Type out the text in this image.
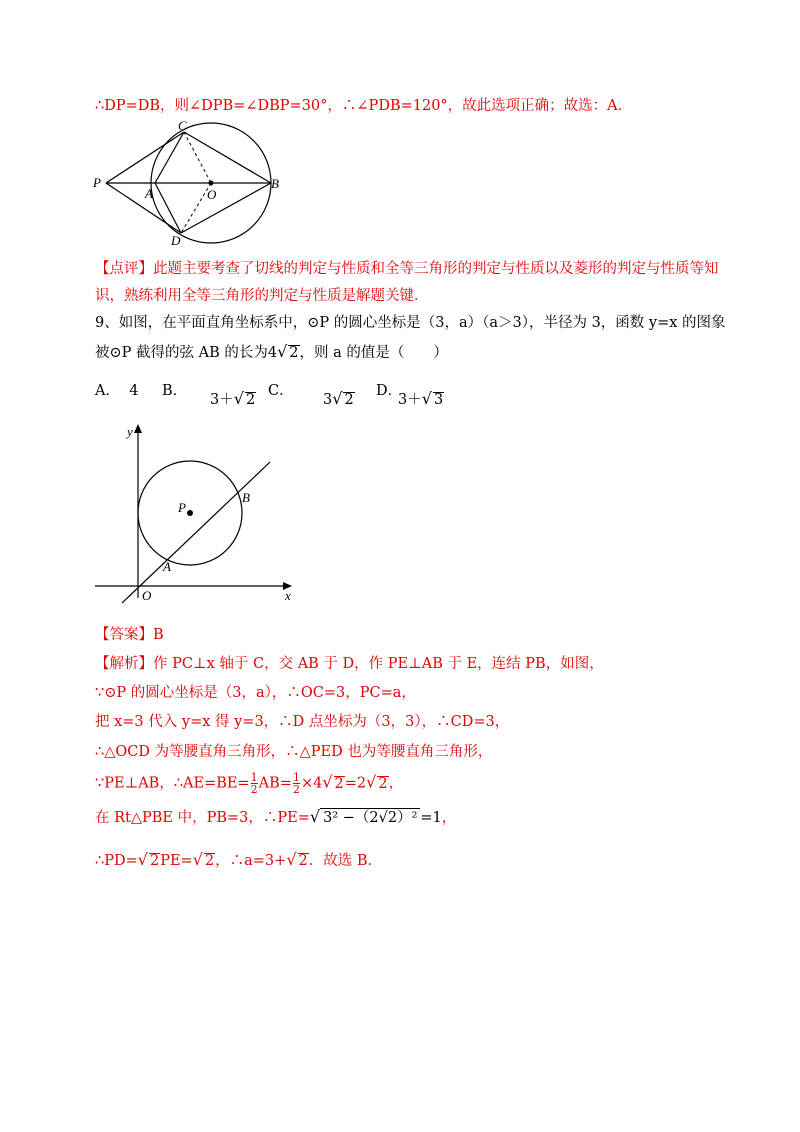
∴DP=DB，则∠DPB=∠DBP=30°，∴∠PDB=120°，故此选项正确；故选：A．
C
P
A	O
B
D
【点评】此题主要考查了切线的判定与性质和全等三角形的判定与性质以及菱形的判定与性质等知
识，熟练利用全等三角形的判定与性质是解题关键．
9、如图，在平面直角坐标系中，⊙P 的圆心坐标是（3，a）（a＞3），半径为 3，函数 y=x 的图象
被⊙P 截得的弦 AB 的长为4√ 2，则 a 的值是（　　）
A． 4 B．
3＋√ 2
C．
3√ 2
D．
3＋√ 3
y
x
O
P
A
B
【答案】B
【解析】作 PC⊥x 轴于 C，交 AB 于 D，作 PE⊥AB 于 E，连结 PB，如图，
∵⊙P 的圆心坐标是（3，a），∴OC=3，PC=a，
把 x=3 代入 y=x 得 y=3，∴D 点坐标为（3，3），∴CD=3，
∴△OCD 为等腰直角三角形，∴△PED 也为等腰直角三角形，
∵PE⊥AB，∴AE=BE= $\frac{1}{2} AB= \frac{1}{2} \times 4√$ 2=2√ 2，
在 Rt△PBE 中，PB=3，∴PE=√ 3² −（2√2）² =1，
∴PD=√ 2PE=√ 2，∴a=3+√ 2．故选 B．
